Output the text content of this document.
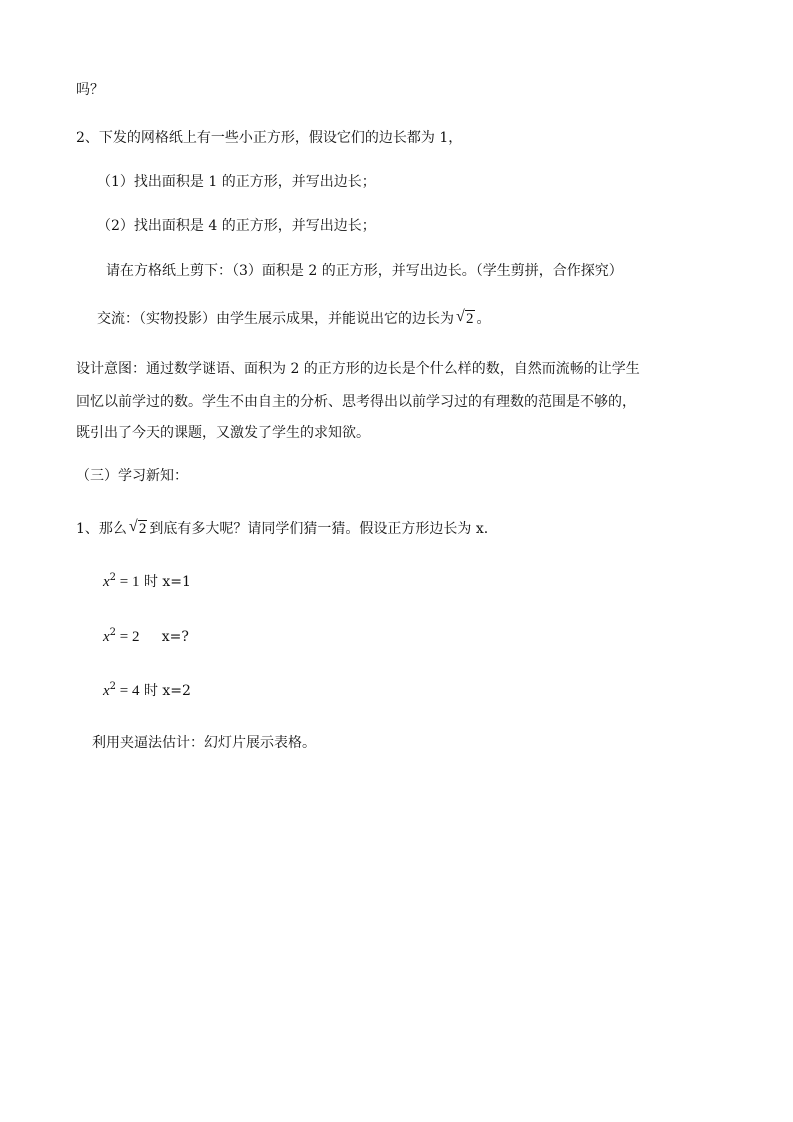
吗？
2、下发的网格纸上有一些小正方形，假设它们的边长都为 1，
（1）找出面积是 1 的正方形，并写出边长；
（2）找出面积是 4 的正方形，并写出边长；
请在方格纸上剪下：（3）面积是 2 的正方形，并写出边长。（学生剪拼，合作探究）
交流：（实物投影）由学生展示成果，并能说出它的边长为 √ 2 。
设计意图：通过数学谜语、面积为 2 的正方形的边长是个什么样的数，自然而流畅的让学生
回忆以前学过的数。学生不由自主的分析、思考得出以前学习过的有理数的范围是不够的，
既引出了今天的课题，又激发了学生的求知欲。
（三）学习新知：
1、那么 √ 2 到底有多大呢？请同学们猜一猜。假设正方形边长为 x.
$x^2 = 1$ 时 x=1
$x^2 = 2$     x=?
$x^2 = 4$ 时 x=2
利用夹逼法估计：幻灯片展示表格。
